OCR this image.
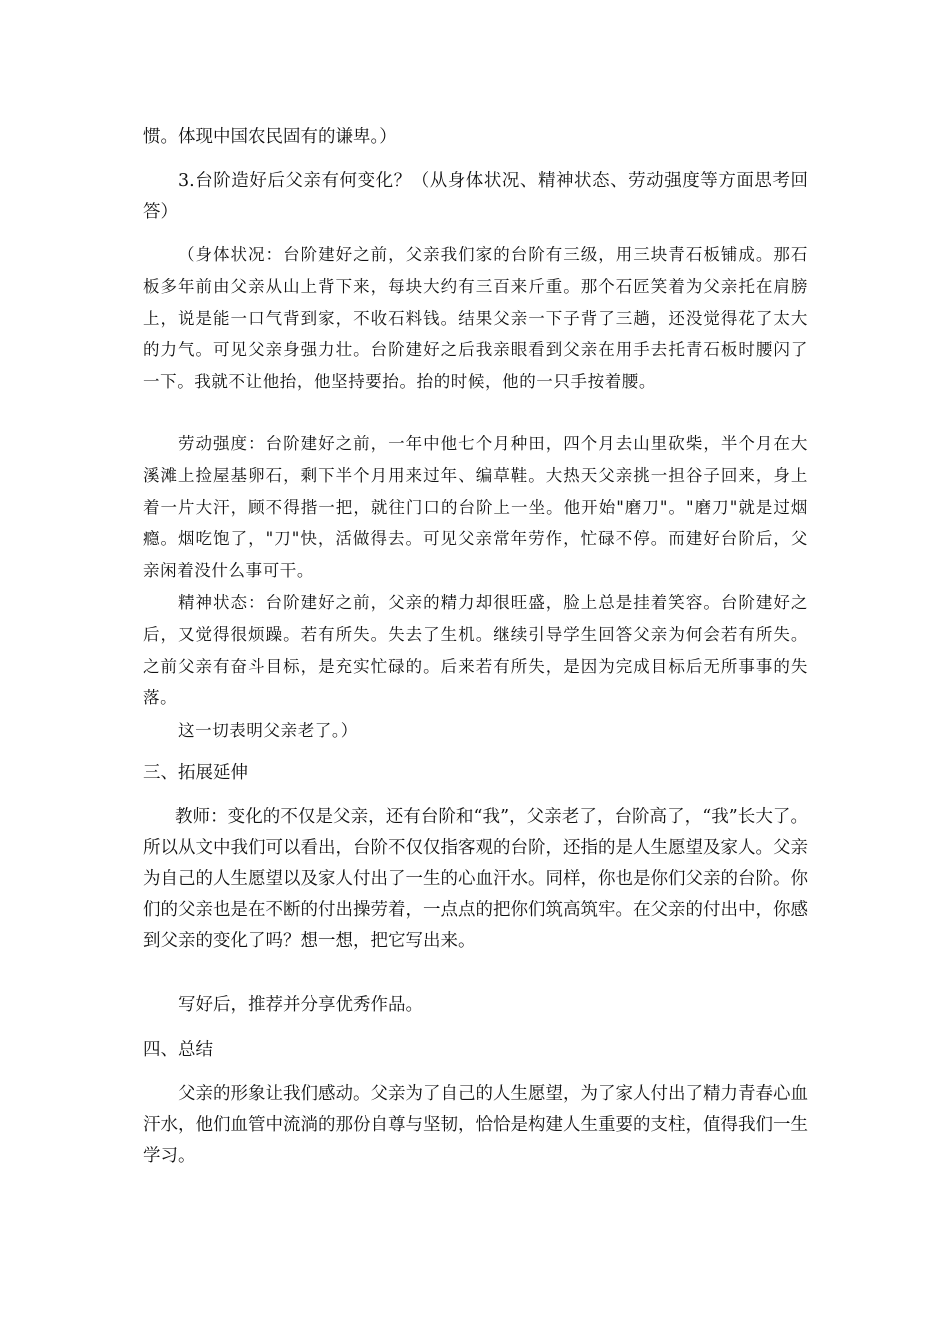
惯。体现中国农民固有的谦卑。）

3.台阶造好后父亲有何变化？（从身体状况、精神状态、劳动强度等方面思考回答）

（身体状况：台阶建好之前，父亲我们家的台阶有三级，用三块青石板铺成。那石板多年前由父亲从山上背下来，每块大约有三百来斤重。那个石匠笑着为父亲托在肩膀上，说是能一口气背到家，不收石料钱。结果父亲一下子背了三趟，还没觉得花了太大的力气。可见父亲身强力壮。台阶建好之后我亲眼看到父亲在用手去托青石板时腰闪了一下。我就不让他抬，他坚持要抬。抬的时候，他的一只手按着腰。

劳动强度：台阶建好之前，一年中他七个月种田，四个月去山里砍柴，半个月在大溪滩上捡屋基卵石，剩下半个月用来过年、编草鞋。大热天父亲挑一担谷子回来，身上着一片大汗，顾不得揩一把，就往门口的台阶上一坐。他开始"磨刀"。"磨刀"就是过烟瘾。烟吃饱了，"刀"快，活做得去。可见父亲常年劳作，忙碌不停。而建好台阶后，父亲闲着没什么事可干。

精神状态：台阶建好之前，父亲的精力却很旺盛，脸上总是挂着笑容。台阶建好之后，又觉得很烦躁。若有所失。失去了生机。继续引导学生回答父亲为何会若有所失。之前父亲有奋斗目标，是充实忙碌的。后来若有所失，是因为完成目标后无所事事的失落。

这一切表明父亲老了。）

三、拓展延伸

教师：变化的不仅是父亲，还有台阶和“我”，父亲老了，台阶高了，“我”长大了。所以从文中我们可以看出，台阶不仅仅指客观的台阶，还指的是人生愿望及家人。父亲为自己的人生愿望以及家人付出了一生的心血汗水。同样，你也是你们父亲的台阶。你们的父亲也是在不断的付出操劳着，一点点的把你们筑高筑牢。在父亲的付出中，你感到父亲的变化了吗？想一想，把它写出来。

写好后，推荐并分享优秀作品。

四、总结

父亲的形象让我们感动。父亲为了自己的人生愿望，为了家人付出了精力青春心血汗水，他们血管中流淌的那份自尊与坚韧，恰恰是构建人生重要的支柱，值得我们一生学习。
